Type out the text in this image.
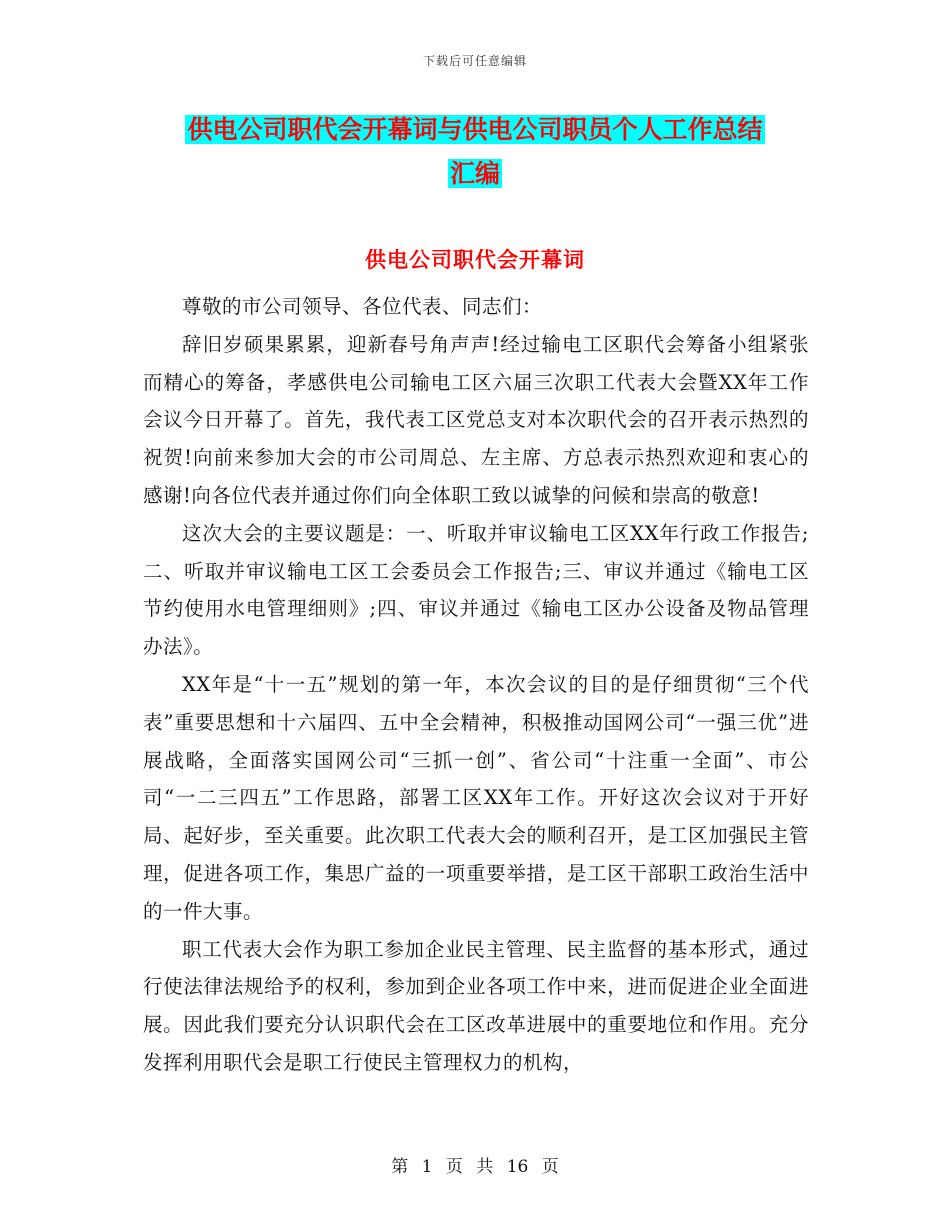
下载后可任意编辑
供电公司职代会开幕词与供电公司职员个人工作总结
汇编
供电公司职代会开幕词

尊敬的市公司领导、各位代表、同志们：

辞旧岁硕果累累，迎新春号角声声!经过输电工区职代会筹备小组紧张而精心的筹备，孝感供电公司输电工区六届三次职工代表大会暨XX年工作会议今日开幕了。首先，我代表工区党总支对本次职代会的召开表示热烈的祝贺!向前来参加大会的市公司周总、左主席、方总表示热烈欢迎和衷心的感谢!向各位代表并通过你们向全体职工致以诚挚的问候和崇高的敬意!

这次大会的主要议题是：一、听取并审议输电工区XX年行政工作报告;二、听取并审议输电工区工会委员会工作报告;三、审议并通过《输电工区节约使用水电管理细则》;四、审议并通过《输电工区办公设备及物品管理办法》。

XX年是“十一五”规划的第一年，本次会议的目的是仔细贯彻“三个代表”重要思想和十六届四、五中全会精神，积极推动国网公司“一强三优”进展战略，全面落实国网公司“三抓一创”、省公司“十注重一全面”、市公司“一二三四五”工作思路，部署工区XX年工作。开好这次会议对于开好局、起好步，至关重要。此次职工代表大会的顺利召开，是工区加强民主管理，促进各项工作，集思广益的一项重要举措，是工区干部职工政治生活中的一件大事。

职工代表大会作为职工参加企业民主管理、民主监督的基本形式，通过行使法律法规给予的权利，参加到企业各项工作中来，进而促进企业全面进展。因此我们要充分认识职代会在工区改革进展中的重要地位和作用。充分发挥利用职代会是职工行使民主管理权力的机构，

第 1 页 共 16 页
